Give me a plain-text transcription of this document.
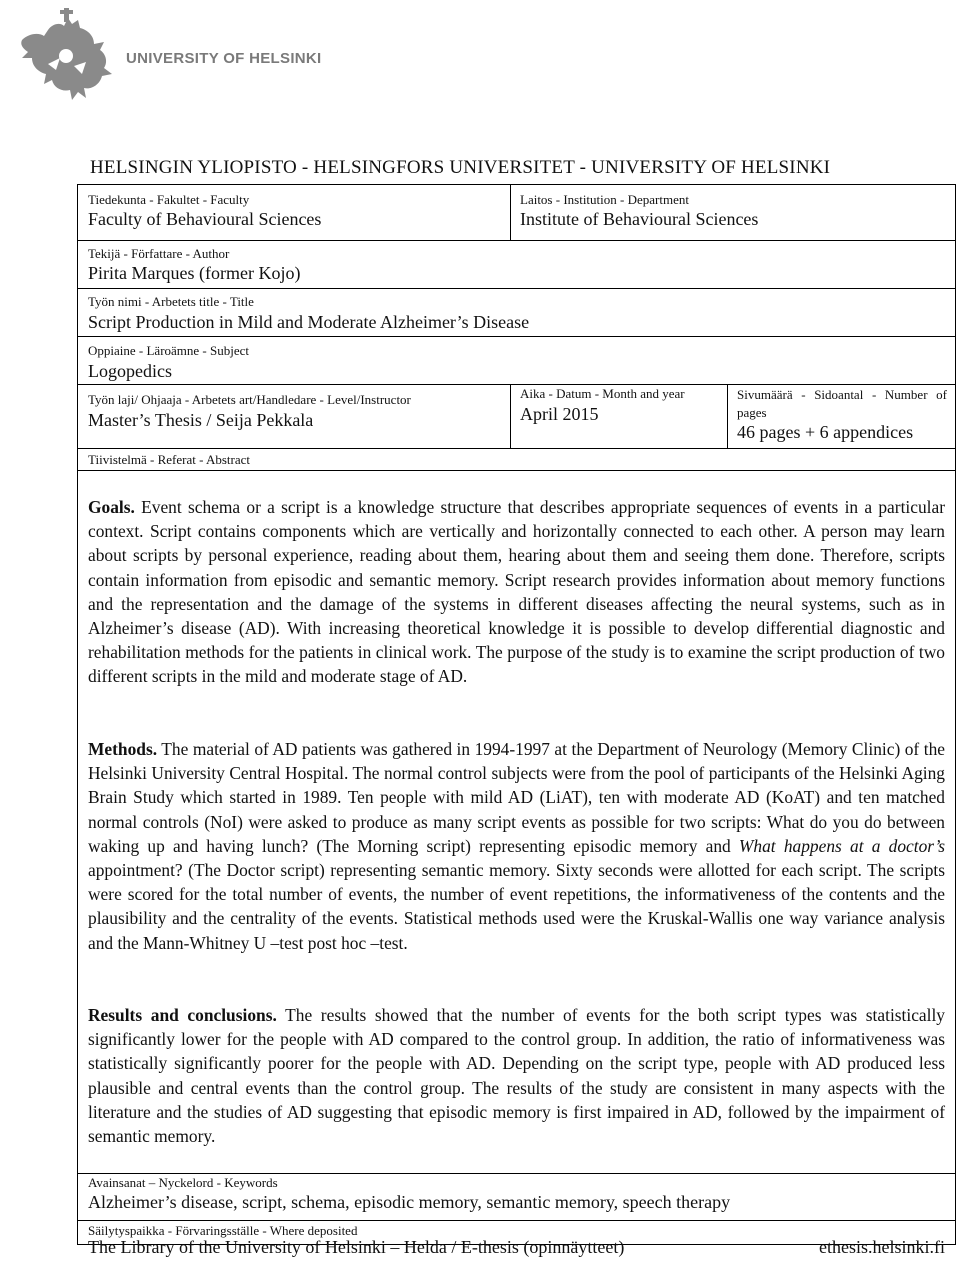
UNIVERSITY OF HELSINKI
HELSINGIN YLIOPISTO - HELSINGFORS UNIVERSITET - UNIVERSITY OF HELSINKI
Tiedekunta - Fakultet - Faculty
Faculty of Behavioural Sciences
Laitos - Institution - Department
Institute of Behavioural Sciences
Tekijä - Författare - Author
Pirita Marques (former Kojo)
Työn nimi - Arbetets title - Title
Script Production in Mild and Moderate Alzheimer’s Disease
Oppiaine - Läroämne - Subject
Logopedics
Työn laji/ Ohjaaja - Arbetets art/Handledare - Level/Instructor
Master’s Thesis / Seija Pekkala
Aika - Datum - Month and year
April 2015
Sivumäärä - Sidoantal - Number of pages
46 pages + 6 appendices
Tiivistelmä - Referat - Abstract

Goals. Event schema or a script is a knowledge structure that describes appropriate sequences of events in a particular context. Script contains components which are vertically and horizontally connected to each other. A person may learn about scripts by personal experience, reading about them, hearing about them and seeing them done. Therefore, scripts contain information from episodic and semantic memory. Script research provides information about memory functions and the representation and the damage of the systems in different diseases affecting the neural systems, such as in Alzheimer’s disease (AD). With increasing theoretical knowledge it is possible to develop differential diagnostic and rehabilitation methods for the patients in clinical work. The purpose of the study is to examine the script production of two different scripts in the mild and moderate stage of AD.

Methods. The material of AD patients was gathered in 1994-1997 at the Department of Neurology (Memory Clinic) of the Helsinki University Central Hospital. The normal control subjects were from the pool of participants of the Helsinki Aging Brain Study which started in 1989. Ten people with mild AD (LiAT), ten with moderate AD (KoAT) and ten matched normal controls (NoI) were asked to produce as many script events as possible for two scripts: What do you do between waking up and having lunch? (The Morning script) representing episodic memory and What happens at a doctor’s appointment? (The Doctor script) representing semantic memory. Sixty seconds were allotted for each script. The scripts were scored for the total number of events, the number of event repetitions, the informativeness of the contents and the plausibility and the centrality of the events. Statistical methods used were the Kruskal-Wallis one way variance analysis and the Mann-Whitney U –test post hoc –test.

Results and conclusions. The results showed that the number of events for the both script types was statistically significantly lower for the people with AD compared to the control group. In addition, the ratio of informativeness was statistically significantly poorer for the people with AD. Depending on the script type, people with AD produced less plausible and central events than the control group. The results of the study are consistent in many aspects with the literature and the studies of AD suggesting that episodic memory is first impaired in AD, followed by the impairment of semantic memory.

Avainsanat – Nyckelord - Keywords
Alzheimer’s disease, script, schema, episodic memory, semantic memory, speech therapy
Säilytyspaikka - Förvaringsställe - Where deposited
The Library of the University of Helsinki – Helda / E-thesis (opinnäytteet)	ethesis.helsinki.fi
